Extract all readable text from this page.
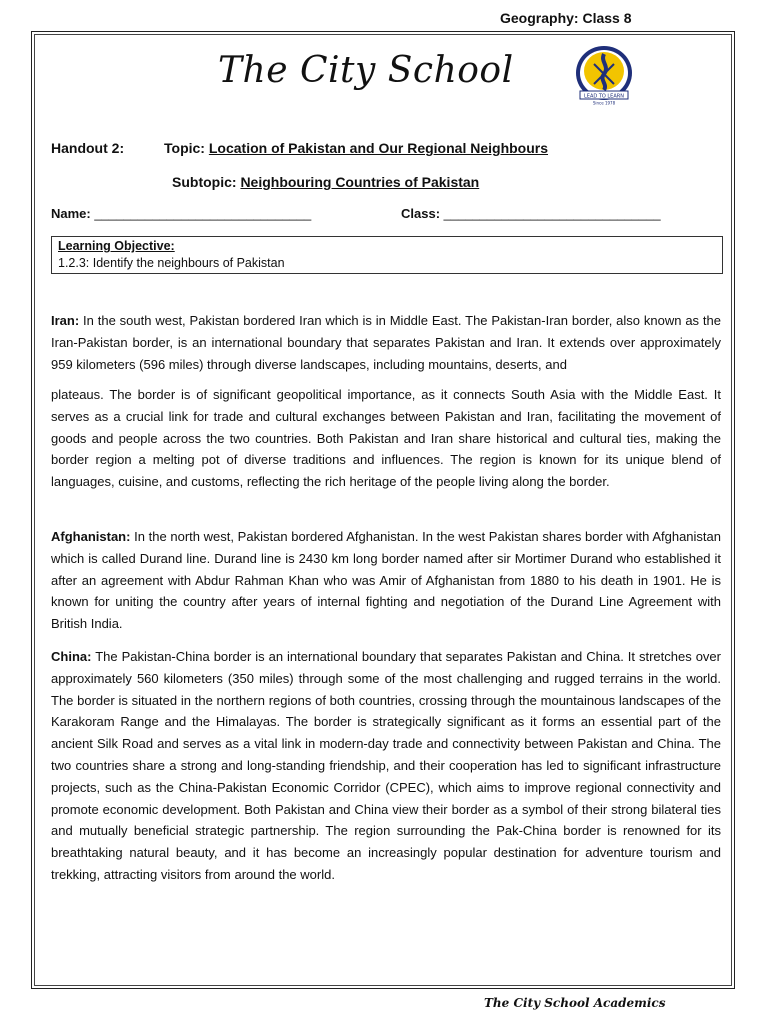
Geography: Class 8
The City School
LEAD TO LEARN
Since 1978
Handout 2:	Topic: Location of Pakistan and Our Regional Neighbours
Subtopic: Neighbouring Countries of Pakistan
Name: ______________________________	Class: ______________________________
Learning Objective:
1.2.3: Identify the neighbours of Pakistan
Iran: In the south west, Pakistan bordered Iran which is in Middle East. The Pakistan-Iran border, also known as the Iran-Pakistan border, is an international boundary that separates Pakistan and Iran. It extends over approximately 959 kilometers (596 miles) through diverse landscapes, including mountains, deserts, and
plateaus. The border is of significant geopolitical importance, as it connects South Asia with the Middle East. It serves as a crucial link for trade and cultural exchanges between Pakistan and Iran, facilitating the movement of goods and people across the two countries. Both Pakistan and Iran share historical and cultural ties, making the border region a melting pot of diverse traditions and influences. The region is known for its unique blend of languages, cuisine, and customs, reflecting the rich heritage of the people living along the border.
Afghanistan: In the north west, Pakistan bordered Afghanistan. In the west Pakistan shares border with Afghanistan which is called Durand line. Durand line is 2430 km long border named after sir Mortimer Durand who established it after an agreement with Abdur Rahman Khan who was Amir of Afghanistan from 1880 to his death in 1901. He is known for uniting the country after years of internal fighting and negotiation of the Durand Line Agreement with British India.
China: The Pakistan-China border is an international boundary that separates Pakistan and China. It stretches over approximately 560 kilometers (350 miles) through some of the most challenging and rugged terrains in the world. The border is situated in the northern regions of both countries, crossing through the mountainous landscapes of the Karakoram Range and the Himalayas. The border is strategically significant as it forms an essential part of the ancient Silk Road and serves as a vital link in modern-day trade and connectivity between Pakistan and China. The two countries share a strong and long-standing friendship, and their cooperation has led to significant infrastructure projects, such as the China-Pakistan Economic Corridor (CPEC), which aims to improve regional connectivity and promote economic development. Both Pakistan and China view their border as a symbol of their strong bilateral ties and mutually beneficial strategic partnership. The region surrounding the Pak-China border is renowned for its breathtaking natural beauty, and it has become an increasingly popular destination for adventure tourism and trekking, attracting visitors from around the world.
The City School Academics
